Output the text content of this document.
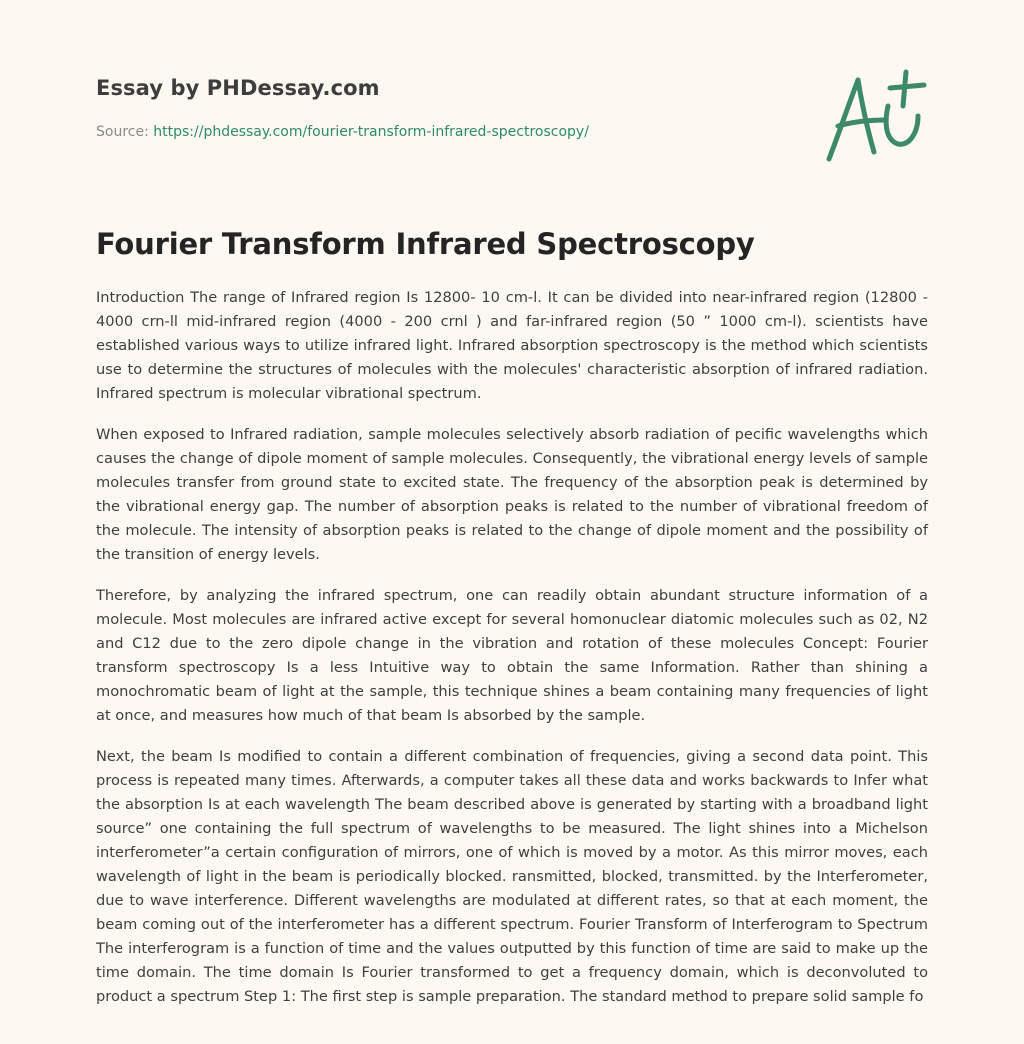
Essay by PHDessay.com
Source: https://phdessay.com/fourier-transform-infrared-spectroscopy/
Fourier Transform Infrared Spectroscopy

Introduction The range of Infrared region Is 12800- 10 cm-l. It can be divided into near-infrared region (12800 - 4000 crn-ll mid-infrared region (4000 - 200 crnl ) and far-infrared region (50 ” 1000 cm-l). scientists have established various ways to utilize infrared light. Infrared absorption spectroscopy is the method which scientists use to determine the structures of molecules with the molecules' characteristic absorption of infrared radiation. Infrared spectrum is molecular vibrational spectrum.

When exposed to Infrared radiation, sample molecules selectively absorb radiation of pecific wavelengths which causes the change of dipole moment of sample molecules. Consequently, the vibrational energy levels of sample molecules transfer from ground state to excited state. The frequency of the absorption peak is determined by the vibrational energy gap. The number of absorption peaks is related to the number of vibrational freedom of the molecule. The intensity of absorption peaks is related to the change of dipole moment and the possibility of the transition of energy levels.

Therefore, by analyzing the infrared spectrum, one can readily obtain abundant structure information of a molecule. Most molecules are infrared active except for several homonuclear diatomic molecules such as 02, N2 and C12 due to the zero dipole change in the vibration and rotation of these molecules Concept: Fourier transform spectroscopy Is a less Intuitive way to obtain the same Information. Rather than shining a monochromatic beam of light at the sample, this technique shines a beam containing many frequencies of light at once, and measures how much of that beam Is absorbed by the sample.

Next, the beam Is modified to contain a different combination of frequencies, giving a second data point. This process is repeated many times. Afterwards, a computer takes all these data and works backwards to Infer what the absorption Is at each wavelength The beam described above is generated by starting with a broadband light source” one containing the full spectrum of wavelengths to be measured. The light shines into a Michelson interferometer”a certain configuration of mirrors, one of which is moved by a motor. As this mirror moves, each wavelength of light in the beam is periodically blocked. ransmitted, blocked, transmitted. by the Interferometer, due to wave interference. Different wavelengths are modulated at different rates, so that at each moment, the beam coming out of the interferometer has a different spectrum. Fourier Transform of Interferogram to Spectrum The interferogram is a function of time and the values outputted by this function of time are said to make up the time domain. The time domain Is Fourier transformed to get a frequency domain, which is deconvoluted to product a spectrum Step 1: The first step is sample preparation. The standard method to prepare solid sample fo
